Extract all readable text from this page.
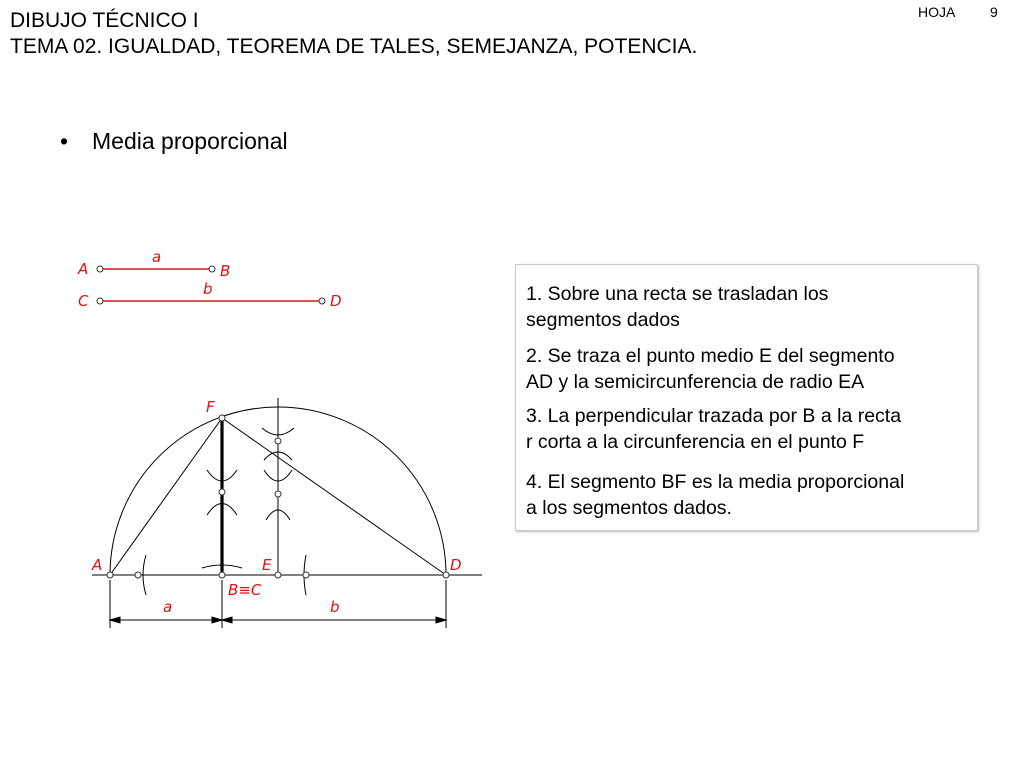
DIBUJO TÉCNICO I
TEMA 02. IGUALDAD, TEOREMA DE TALES, SEMEJANZA, POTENCIA.
HOJA 9
•	Media proporcional
A	B
a
C	D
b
F
A	E	D
B≡C
a	b
1. Sobre una recta se trasladan los
segmentos dados
2. Se traza el punto medio E del segmento
AD y la semicircunferencia de radio EA
3. La perpendicular trazada por B a la recta
r corta a la circunferencia en el punto F
4. El segmento BF es la media proporcional
a los segmentos dados.
